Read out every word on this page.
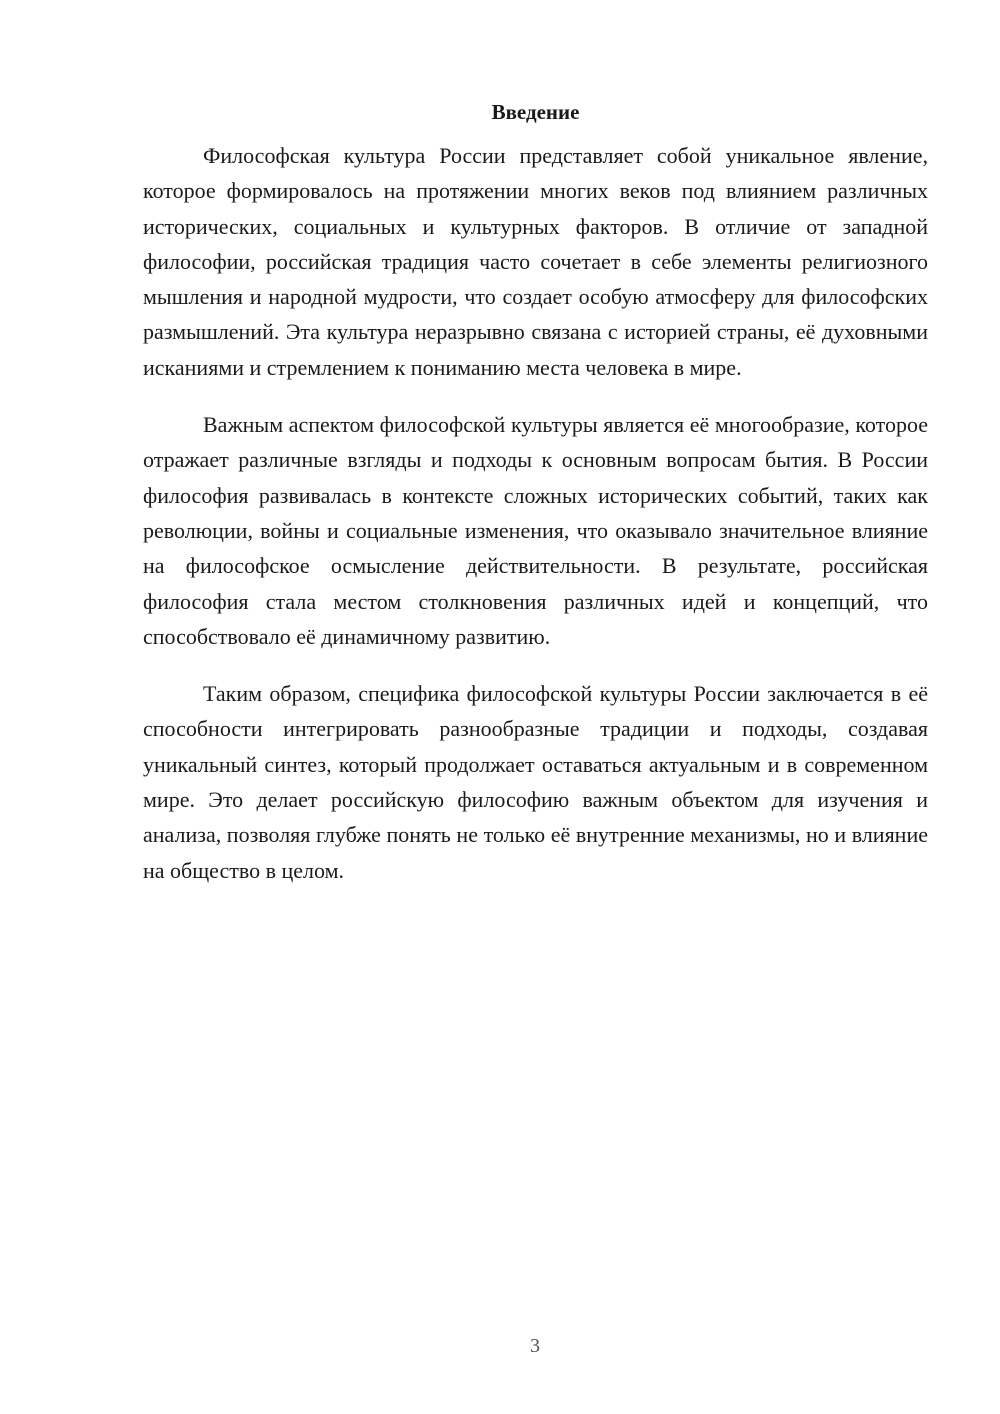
Введение

Философская культура России представляет собой уникальное явление, которое формировалось на протяжении многих веков под влиянием различных исторических, социальных и культурных факторов. В отличие от западной философии, российская традиция часто сочетает в себе элементы религиозного мышления и народной мудрости, что создает особую атмосферу для философских размышлений. Эта культура неразрывно связана с историей страны, её духовными исканиями и стремлением к пониманию места человека в мире.

Важным аспектом философской культуры является её многообразие, которое отражает различные взгляды и подходы к основным вопросам бытия. В России философия развивалась в контексте сложных исторических событий, таких как революции, войны и социальные изменения, что оказывало значительное влияние на философское осмысление действительности. В результате, российская философия стала местом столкновения различных идей и концепций, что способствовало её динамичному развитию.

Таким образом, специфика философской культуры России заключается в её способности интегрировать разнообразные традиции и подходы, создавая уникальный синтез, который продолжает оставаться актуальным и в современном мире. Это делает российскую философию важным объектом для изучения и анализа, позволяя глубже понять не только её внутренние механизмы, но и влияние на общество в целом.

3
